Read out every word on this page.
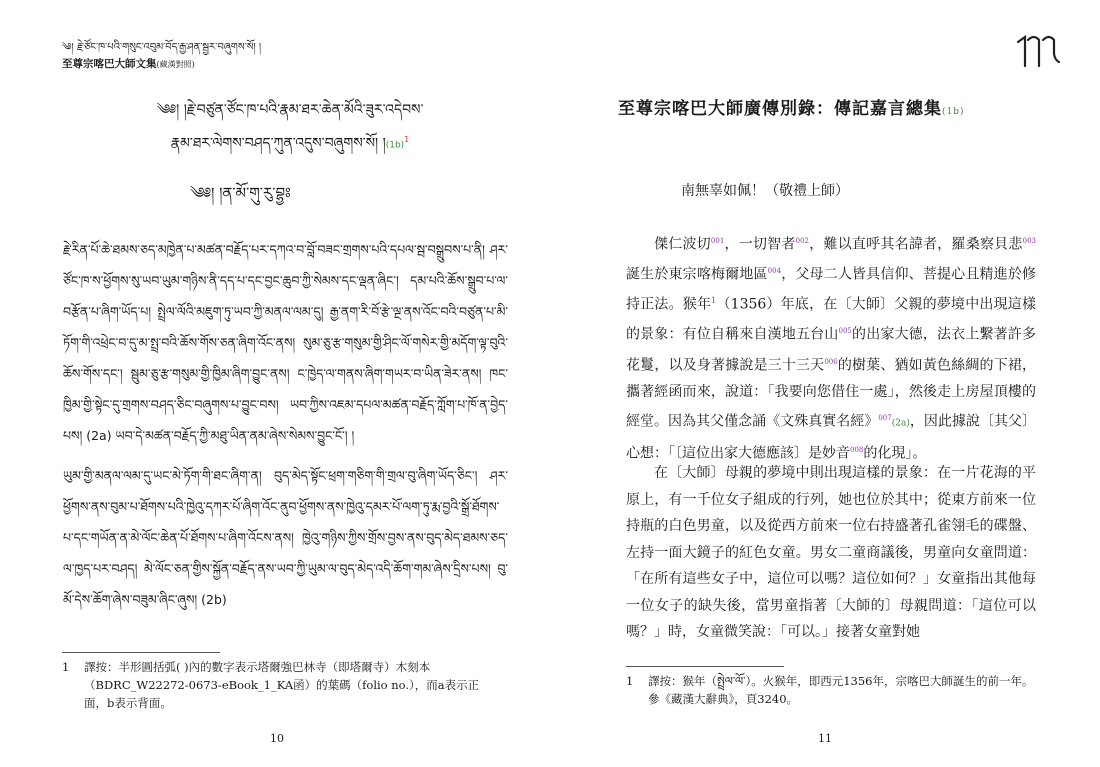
༄། རྗེ་ཙོང་ཁ་པའི་གསུང་འབུམ་བོད་རྒྱ་ཤན་སྦྱར་བཞུགས་སོ། །
至尊宗喀巴大師文集(藏漢對照)
༄༅། །རྗེ་བཙུན་ཙོང་ཁ་པའི་རྣམ་ཐར་ཆེན་མོའི་ཟུར་འདེབས་
རྣམ་ཐར་ལེགས་བཤད་ཀུན་འདུས་བཞུགས་སོ། $།(1b)^1$
༄༅། །ན་མོ་གུ་རུ་བྷྱཿ
རྗེ་རིན་པོ་ཆེ་ཐམས་ཅད་མཁྱེན་པ་མཚན་བརྗོད་པར་དཀའ་བ་བློ་བཟང་གྲགས་པའི་དཔལ་སྦ་བསྒྲུབས་པ་ནི། ཤར་ཙོང་ཁ་ས་ཕྱོགས་སུ་ཡབ་ཡུམ་གཉིས་ནི་དད་པ་དང་བྱང་ཆུབ་ཀྱི་སེམས་དང་ལྡན་ཞིང་། དམ་པའི་ཆོས་སྒྲུབ་པ་ལ་བརྩོན་པ་ཞིག་ཡོད་པ། སྤྲེལ་ལོའི་མཇུག་ཏུ་ཡབ་ཀྱི་མནལ་ལམ་དུ། རྒྱ་ནག་རི་བོ་རྩེ་ལྔ་ནས་འོང་བའི་བཙུན་པ་མི་ཏོག་གི་འཕྲེང་བ་དུ་མ་སྤྲ་བའི་ཆོས་གོས་ཅན་ཞིག་འོང་ནས། སུམ་ཅུ་རྩ་གསུམ་གྱི་ཤིང་ལོ་གསེར་གྱི་མདོག་ལྟ་བུའི་ཆོས་གོས་དང་། སྦུམ་ཅུ་རྩ་གསུམ་གྱི་ཁྱིམ་ཞིག་བྱུང་ནས། ང་ཁྱེད་ལ་གནས་ཞིག་གཡར་བ་ཡིན་ཟེར་ནས། ཁང་ཁྱིམ་གྱི་སྟེང་དུ་གྲགས་བཤད་ཅིང་བཞུགས་པ་བྱུང་བས། ཡབ་ཀྱིས་འཇམ་དཔལ་མཚན་བརྗོད་ཀློག་པ་ཁོ་ན་བྱེད་པས། (2a) ཡབ་དེ་མཚན་བརྗོད་ཀྱི་མཐུ་ཡིན་ནམ་ཞེས་སེམས་བྱུང་ངོ་། །
ཡུམ་གྱི་མནལ་ལམ་དུ་ཡང་མེ་ཏོག་གི་ཐང་ཞིག་ན། བུད་མེད་སྟོང་ཕྲག་གཅིག་གི་གྲལ་བུ་ཞིག་ཡོད་ཅིང་། ཤར་ཕྱོགས་ནས་བུམ་པ་ཐོགས་པའི་ཁྱེའུ་དཀར་པོ་ཞིག་འོང་ནུབ་ཕྱོགས་ནས་ཁྱེའུ་དམར་པོ་ལག་ཏུ་རྨ་བྱའི་སྒྲོ་ཐོགས་པ་དང་གཡོན་ན་མེ་ལོང་ཆེན་པོ་ཐོགས་པ་ཞིག་འོངས་ནས། ཁྱེའུ་གཉིས་ཀྱིས་གྲོས་བྱས་ནས་བུད་མེད་ཐམས་ཅད་ལ་ཁྱད་པར་བཤད། མེ་ལོང་ཅན་གྱིས་སྐྱོན་བརྗོད་ནས་ཡབ་ཀྱི་ཡུམ་ལ་བུད་མེད་འདི་ཆོག་གམ་ཞེས་དྲིས་པས། བུ་མོ་དེས་ཆོག་ཞེས་བཟུམ་ཞིང་ཞུས། (2b)
1	譯按：半形圓括弧( )內的數字表示塔爾強巴林寺（即塔爾寺）木刻本（BDRC_W22272-0673-eBook_1_KA函）的葉碼（folio no.），而a表示正面，b表示背面。
10
至尊宗喀巴大師廣傳別錄：傳記嘉言總集(1b)
南無辜如佩！（敬禮上師）
傑仁波切$^{001}$，一切智者$^{002}$，難以直呼其名諱者，羅桑察貝悲$^{003}$誕生於東宗喀梅爾地區$^{004}$，父母二人皆具信仰、菩提心且精進於修持正法。猴年$^1$（1356）年底，在〔大師〕父親的夢境中出現這樣的景象：有位自稱來自漢地五台山$^{005}$的出家大德，法衣上繫著許多花鬘，以及身著據說是三十三天$^{006}$的樹葉、猶如黃色絲綢的下裙，攜著經函而來，說道：「我要向您借住一處」，然後走上房屋頂樓的經堂。因為其父僅念誦《文殊真實名經》$^{007}$(2a)，因此據說〔其父〕心想：「〔這位出家大德應該〕是妙音$^{008}$的化現」。
在〔大師〕母親的夢境中則出現這樣的景象：在一片花海的平原上，有一千位女子組成的行列，她也位於其中；從東方前來一位持瓶的白色男童，以及從西方前來一位右持盛著孔雀翎毛的碟盤、左持一面大鏡子的紅色女童。男女二童商議後，男童向女童問道：「在所有這些女子中，這位可以嗎？這位如何？」女童指出其他每一位女子的缺失後，當男童指著〔大師的〕母親問道：「這位可以嗎？」時，女童微笑說：「可以。」接著女童對她
1	譯按：猴年（སྤྲེལ་ལོ་）。火猴年，即西元1356年，宗喀巴大師誕生的前一年。參《藏漢大辭典》，頁3240。
11
